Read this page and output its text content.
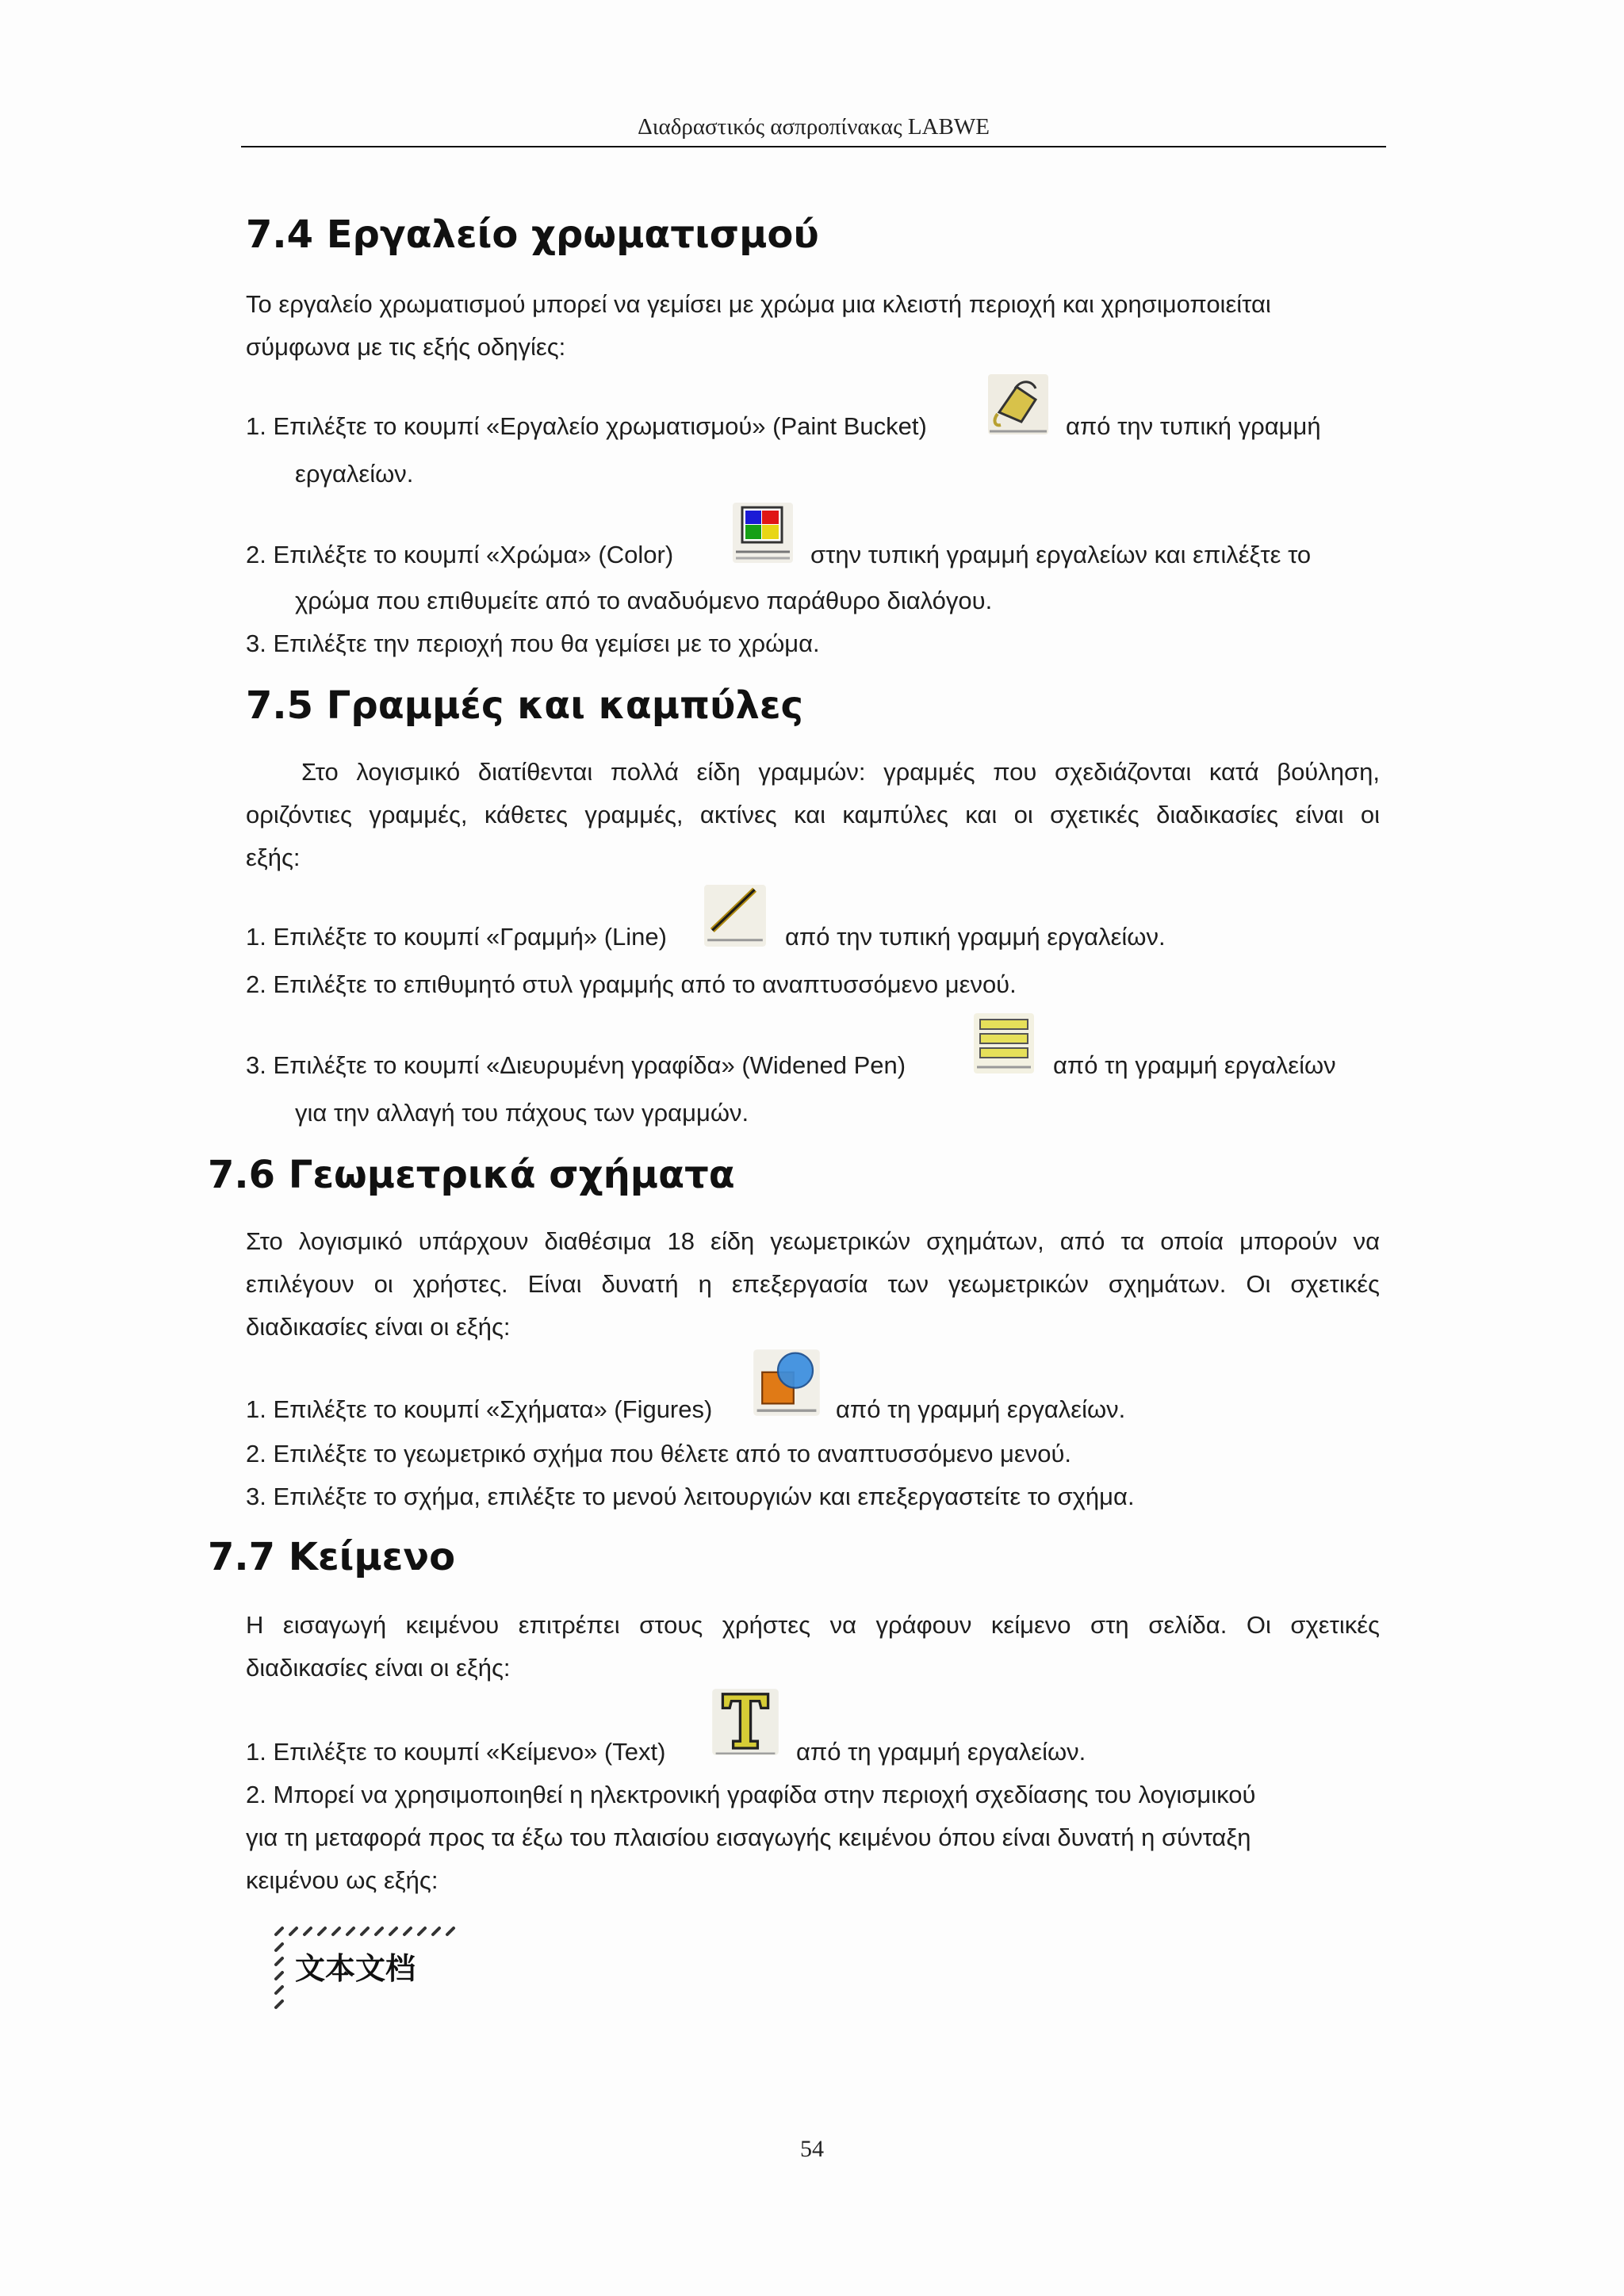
Διαδραστικός ασπροπίνακας LABWE
7.4 Εργαλείο χρωματισμού

Το εργαλείο χρωματισμού μπορεί να γεμίσει με χρώμα μια κλειστή περιοχή και χρησιμοποιείται

σύμφωνα με τις εξής οδηγίες:

1. Επιλέξτε το κουμπί «Εργαλείο χρωματισμού» (Paint Bucket)	από την τυπική γραμμή

εργαλείων.

2. Επιλέξτε το κουμπί «Χρώμα» (Color)	στην τυπική γραμμή εργαλείων και επιλέξτε το

χρώμα που επιθυμείτε από το αναδυόμενο παράθυρο διαλόγου.

3. Επιλέξτε την περιοχή που θα γεμίσει με το χρώμα.

7.5 Γραμμές και καμπύλες

Στο λογισμικό διατίθενται πολλά είδη γραμμών: γραμμές που σχεδιάζονται κατά βούληση,

οριζόντιες γραμμές, κάθετες γραμμές, ακτίνες και καμπύλες και οι σχετικές διαδικασίες είναι οι

εξής:

1. Επιλέξτε το κουμπί «Γραμμή» (Line)	από την τυπική γραμμή εργαλείων.

2. Επιλέξτε το επιθυμητό στυλ γραμμής από το αναπτυσσόμενο μενού.

3. Επιλέξτε το κουμπί «Διευρυμένη γραφίδα» (Widened Pen)	από τη γραμμή εργαλείων

για την αλλαγή του πάχους των γραμμών.

7.6 Γεωμετρικά σχήματα

Στο λογισμικό υπάρχουν διαθέσιμα 18 είδη γεωμετρικών σχημάτων, από τα οποία μπορούν να

επιλέγουν οι χρήστες. Είναι δυνατή η επεξεργασία των γεωμετρικών σχημάτων. Οι σχετικές

διαδικασίες είναι οι εξής:

1. Επιλέξτε το κουμπί «Σχήματα» (Figures)	από τη γραμμή εργαλείων.

2. Επιλέξτε το γεωμετρικό σχήμα που θέλετε από το αναπτυσσόμενο μενού.

3. Επιλέξτε το σχήμα, επιλέξτε το μενού λειτουργιών και επεξεργαστείτε το σχήμα.

7.7 Κείμενο

Η εισαγωγή κειμένου επιτρέπει στους χρήστες να γράφουν κείμενο στη σελίδα. Οι σχετικές

διαδικασίες είναι οι εξής:

1. Επιλέξτε το κουμπί «Κείμενο» (Text)	από τη γραμμή εργαλείων.

2. Μπορεί να χρησιμοποιηθεί η ηλεκτρονική γραφίδα στην περιοχή σχεδίασης του λογισμικού

για τη μεταφορά προς τα έξω του πλαισίου εισαγωγής κειμένου όπου είναι δυνατή η σύνταξη

κειμένου ως εξής:

文本文档
54
